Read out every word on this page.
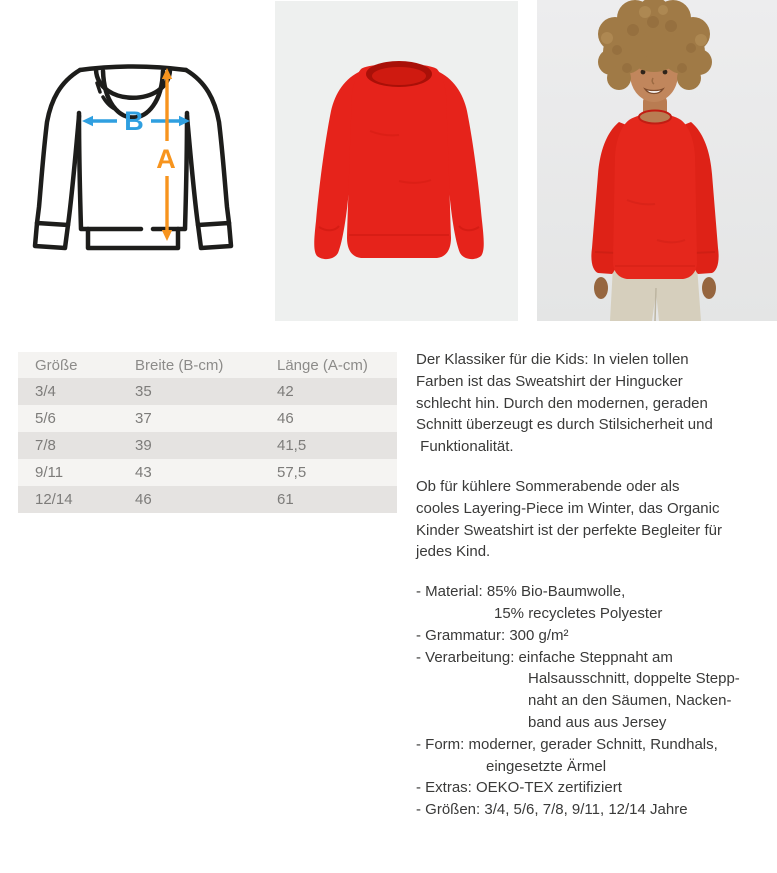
B
A
Größe	Breite (B-cm)	Länge (A-cm)
3/4	35	42
5/6	37	46
7/8	39	41,5
9/11	43	57,5
12/14	46	61
Der Klassiker für die Kids: In vielen tollen
Farben ist das Sweatshirt der Hingucker
schlecht hin. Durch den modernen, geraden
Schnitt überzeugt es durch Stilsicherheit und
Funktionalität.
Ob für kühlere Sommerabende oder als
cooles Layering-Piece im Winter, das Organic
Kinder Sweatshirt ist der perfekte Begleiter für
jedes Kind.
- Material: 85% Bio-Baumwolle,
15% recycletes Polyester
- Grammatur: 300 g/m²
- Verarbeitung: einfache Steppnaht am
Halsausschnitt, doppelte Stepp-
naht an den Säumen, Nacken-
band aus aus Jersey
- Form: moderner, gerader Schnitt, Rundhals,
eingesetzte Ärmel
- Extras: OEKO-TEX zertifiziert
- Größen: 3/4, 5/6, 7/8, 9/11, 12/14 Jahre
